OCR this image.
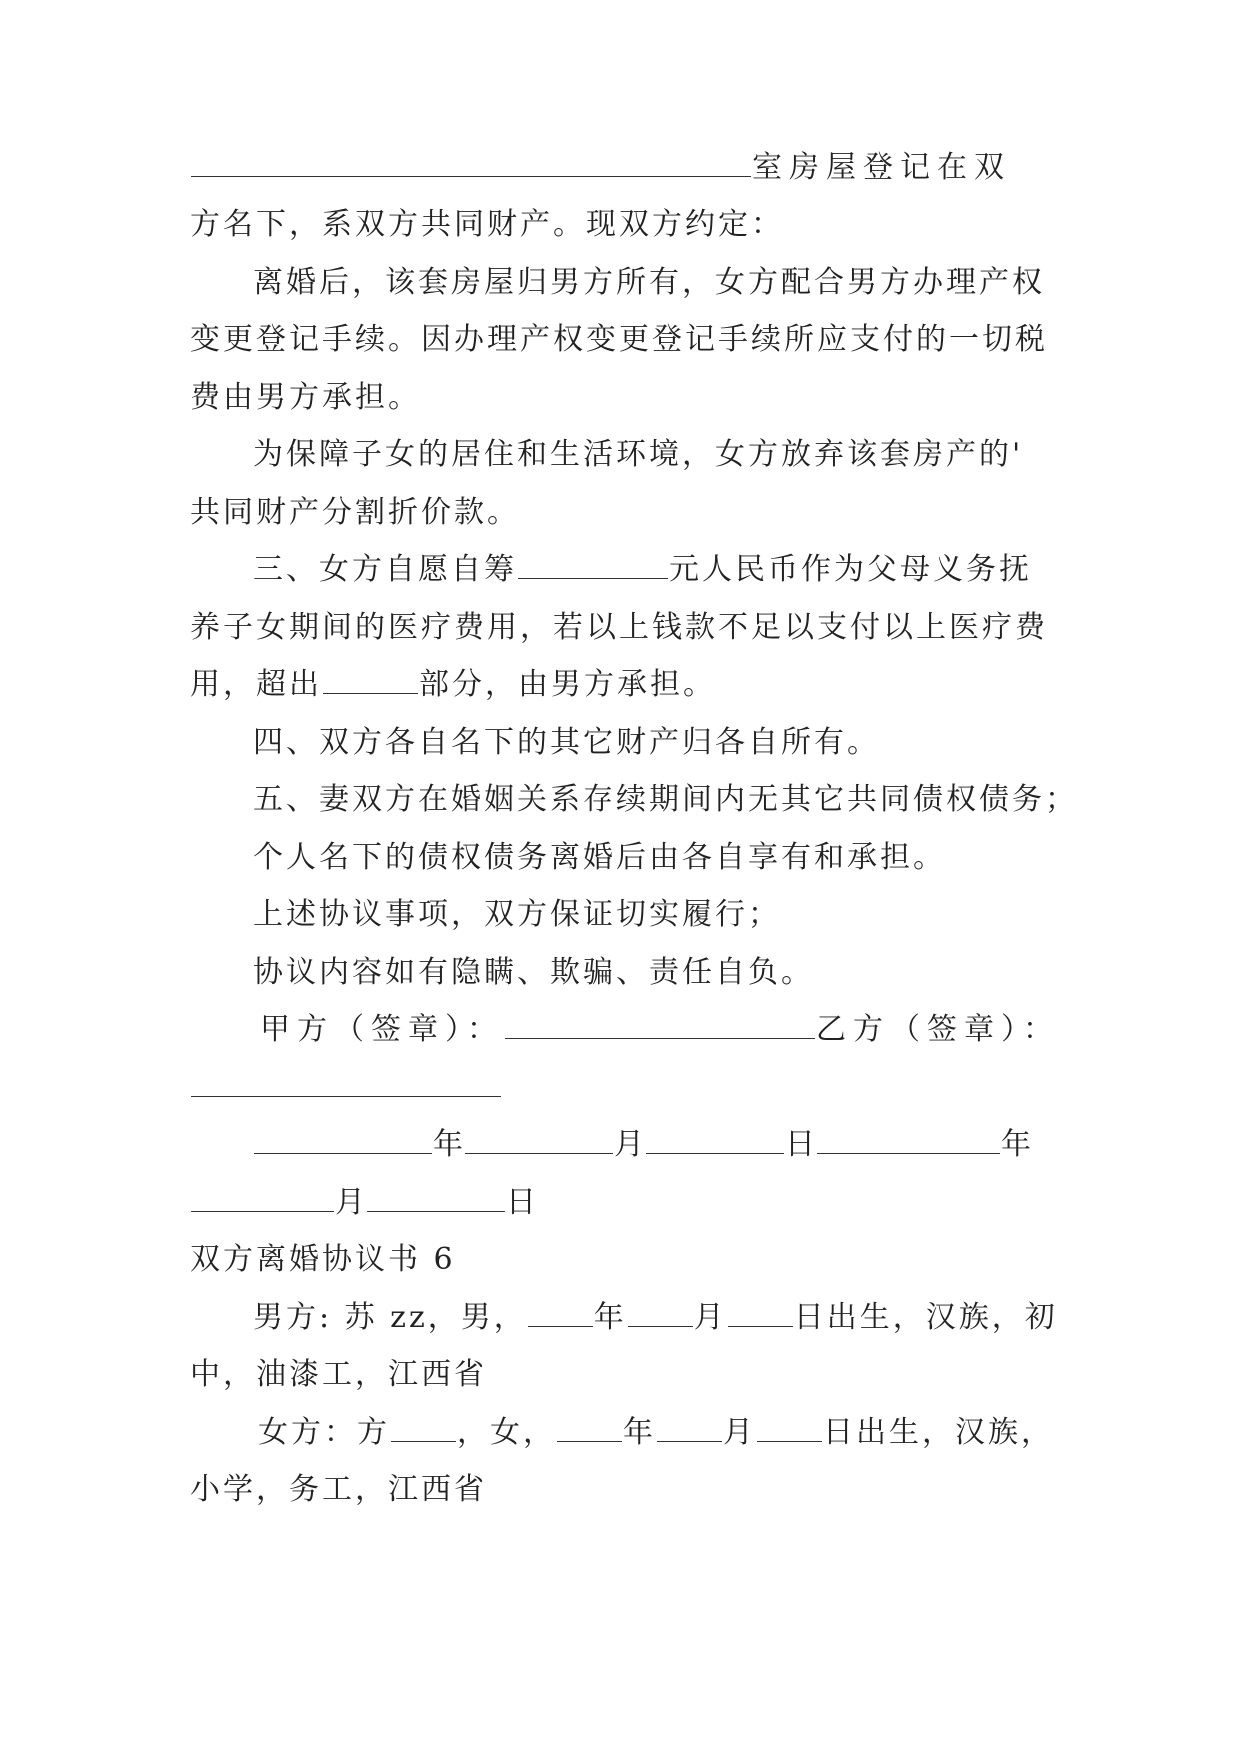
室房屋登记在双
方名下，系双方共同财产。现双方约定：
离婚后，该套房屋归男方所有，女方配合男方办理产权
变更登记手续。因办理产权变更登记手续所应支付的一切税
费由男方承担。
为保障子女的居住和生活环境，女方放弃该套房产的'
共同财产分割折价款。
三、女方自愿自筹	元人民币作为父母义务抚
养子女期间的医疗费用，若以上钱款不足以支付以上医疗费
用，超出	部分，由男方承担。
四、双方各自名下的其它财产归各自所有。
五、妻双方在婚姻关系存续期间内无其它共同债权债务；
个人名下的债权债务离婚后由各自享有和承担。
上述协议事项，双方保证切实履行；
协议内容如有隐瞒、欺骗、责任自负。
甲方（签章）：	乙方（签章）：
年	月	日	年
月	日
双方离婚协议书 6
男方: 苏 zz，男， 年 月 日出生，汉族，初
中，油漆工，江西省
女方：方 ，女， 年 月 日出生，汉族，
小学，务工，江西省
